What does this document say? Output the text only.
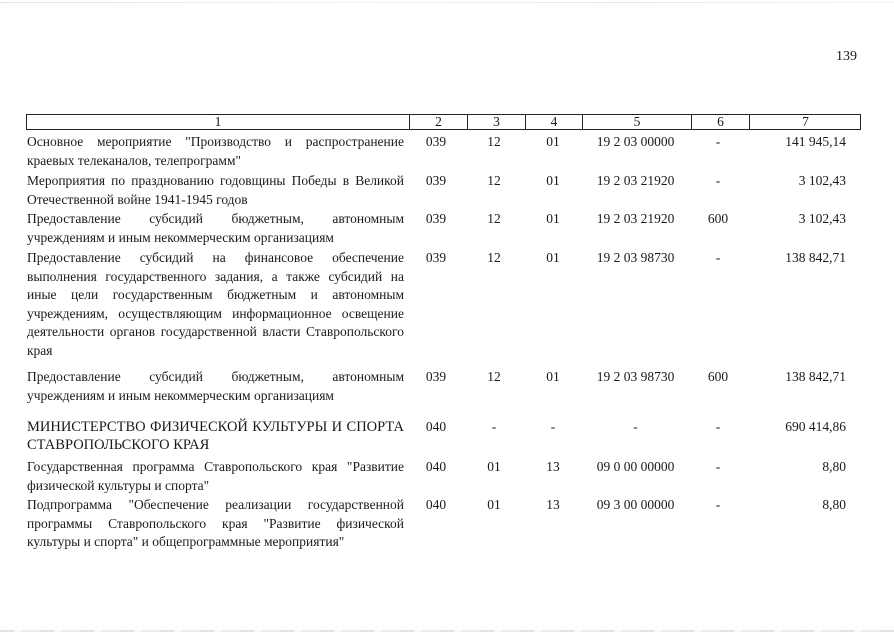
139
1	2	3	4	5	6	7
Основное мероприятие "Производство и распространение краевых телеканалов, телепрограмм"
039	12	01	19 2 03 00000	-	141 945,14
Мероприятия по празднованию годовщины Победы в Великой Отечественной войне 1941-1945 годов
039	12	01	19 2 03 21920	-	3 102,43
Предоставление субсидий бюджетным, автономным учреждениям и иным некоммерческим организациям
039	12	01	19 2 03 21920	600	3 102,43
Предоставление субсидий на финансовое обеспечение выполнения государственного задания, а также субсидий на иные цели государственным бюджетным и автономным учреждениям, осуществляющим информационное освещение деятельности органов государственной власти Ставропольского края
039	12	01	19 2 03 98730	-	138 842,71
Предоставление субсидий бюджетным, автономным учреждениям и иным некоммерческим организациям
039	12	01	19 2 03 98730	600	138 842,71
МИНИСТЕРСТВО ФИЗИЧЕСКОЙ КУЛЬТУРЫ И СПОРТА СТАВРОПОЛЬСКОГО КРАЯ
040	-	-	-	-	690 414,86
Государственная программа Ставропольского края "Развитие физической культуры и спорта"
040	01	13	09 0 00 00000	-	8,80
Подпрограмма "Обеспечение реализации государственной программы Ставропольского края "Развитие физической культуры и спорта" и общепрограммные мероприятия"
040	01	13	09 3 00 00000	-	8,80
